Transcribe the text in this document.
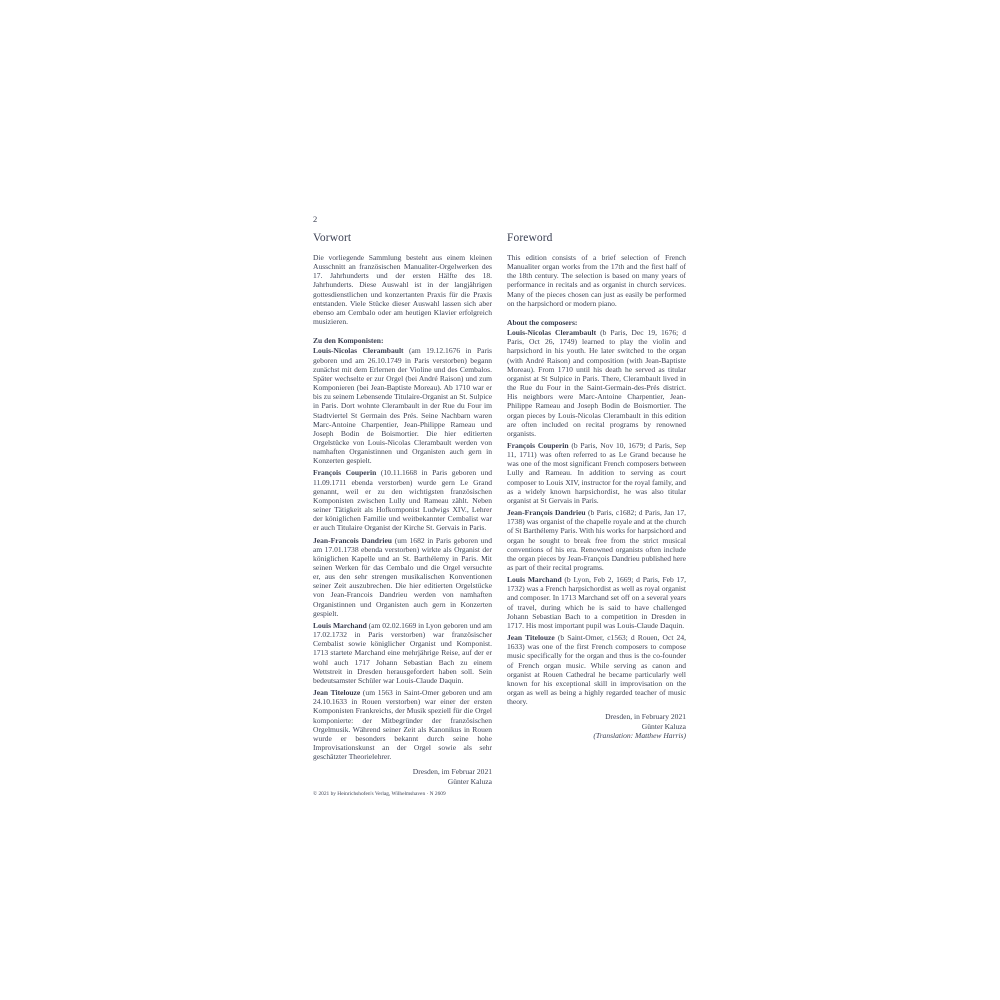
2
Vorwort

Die vorliegende Sammlung besteht aus einem kleinen Ausschnitt an französischen Manualiter-Orgelwerken des 17. Jahrhunderts und der ersten Hälfte des 18. Jahrhunderts. Diese Auswahl ist in der langjährigen gottesdienstlichen und konzertanten Praxis für die Praxis entstanden. Viele Stücke dieser Auswahl lassen sich aber ebenso am Cembalo oder am heutigen Klavier erfolgreich musizieren.

Zu den Komponisten:

Louis-Nicolas Clerambault (am 19.12.1676 in Paris geboren und am 26.10.1749 in Paris verstorben) begann zunächst mit dem Erlernen der Violine und des Cembalos. Später wechselte er zur Orgel (bei André Raison) und zum Komponieren (bei Jean-Baptiste Moreau). Ab 1710 war er bis zu seinem Lebensende Titulaire-Organist an St. Sulpice in Paris. Dort wohnte Clerambault in der Rue du Four im Stadtviertel St Germain des Prés. Seine Nachbarn waren Marc-Antoine Charpentier, Jean-Philippe Rameau und Joseph Bodin de Boismortier. Die hier editierten Orgelstücke von Louis-Nicolas Clerambault werden von namhaften Organistinnen und Organisten auch gern in Konzerten gespielt.

François Couperin (10.11.1668 in Paris geboren und 11.09.1711 ebenda verstorben) wurde gern Le Grand genannt, weil er zu den wichtigsten französischen Komponisten zwischen Lully und Rameau zählt. Neben seiner Tätigkeit als Hofkomponist Ludwigs XIV., Lehrer der königlichen Familie und weitbekannter Cembalist war er auch Titulaire Organist der Kirche St. Gervais in Paris.

Jean-Francois Dandrieu (um 1682 in Paris geboren und am 17.01.1738 ebenda verstorben) wirkte als Organist der königlichen Kapelle und an St. Barthélemy in Paris. Mit seinen Werken für das Cembalo und die Orgel versuchte er, aus den sehr strengen musikalischen Konventionen seiner Zeit auszubrechen. Die hier editierten Orgelstücke von Jean-Francois Dandrieu werden von namhaften Organistinnen und Organisten auch gern in Konzerten gespielt.

Louis Marchand (am 02.02.1669 in Lyon geboren und am 17.02.1732 in Paris verstorben) war französischer Cembalist sowie königlicher Organist und Komponist. 1713 startete Marchand eine mehrjährige Reise, auf der er wohl auch 1717 Johann Sebastian Bach zu einem Wettstreit in Dresden herausgefordert haben soll. Sein bedeutsamster Schüler war Louis-Claude Daquin.

Jean Titelouze (um 1563 in Saint-Omer geboren und am 24.10.1633 in Rouen verstorben) war einer der ersten Komponisten Frankreichs, der Musik speziell für die Orgel komponierte: der Mitbegründer der französischen Orgelmusik. Während seiner Zeit als Kanonikus in Rouen wurde er besonders bekannt durch seine hohe Improvisationskunst an der Orgel sowie als sehr geschätzter Theorielehrer.

Dresden, im Februar 2021
Günter Kaluza
Foreword

This edition consists of a brief selection of French Manualiter organ works from the 17th and the first half of the 18th century. The selection is based on many years of performance in recitals and as organist in church services. Many of the pieces chosen can just as easily be performed on the harpsichord or modern piano.

About the composers:

Louis-Nicolas Clerambault (b Paris, Dec 19, 1676; d Paris, Oct 26, 1749) learned to play the violin and harpsichord in his youth. He later switched to the organ (with André Raison) and composition (with Jean-Baptiste Moreau). From 1710 until his death he served as titular organist at St Sulpice in Paris. There, Clerambault lived in the Rue du Four in the Saint-Germain-des-Prés district. His neighbors were Marc-Antoine Charpentier, Jean-Philippe Rameau and Joseph Bodin de Boismortier. The organ pieces by Louis-Nicolas Clerambault in this edition are often included on recital programs by renowned organists.

François Couperin (b Paris, Nov 10, 1679; d Paris, Sep 11, 1711) was often referred to as Le Grand because he was one of the most significant French composers between Lully and Rameau. In addition to serving as court composer to Louis XIV, instructor for the royal family, and as a widely known harpsichordist, he was also titular organist at St Gervais in Paris.

Jean-François Dandrieu (b Paris, c1682; d Paris, Jan 17, 1738) was organist of the chapelle royale and at the church of St Barthélemy Paris. With his works for harpsichord and organ he sought to break free from the strict musical conventions of his era. Renowned organists often include the organ pieces by Jean-François Dandrieu published here as part of their recital programs.

Louis Marchand (b Lyon, Feb 2, 1669; d Paris, Feb 17, 1732) was a French harpsichordist as well as royal organist and composer. In 1713 Marchand set off on a several years of travel, during which he is said to have challenged Johann Sebastian Bach to a competition in Dresden in 1717. His most important pupil was Louis-Claude Daquin.

Jean Titelouze (b Saint-Omer, c1563; d Rouen, Oct 24, 1633) was one of the first French composers to compose music specifically for the organ and thus is the co-founder of French organ music. While serving as canon and organist at Rouen Cathedral he became particularly well known for his exceptional skill in improvisation on the organ as well as being a highly regarded teacher of music theory.

Dresden, in February 2021
Günter Kaluza
(Translation: Matthew Harris)
© 2021 by Heinrichshofen's Verlag, Wilhelmshaven · N 2609
